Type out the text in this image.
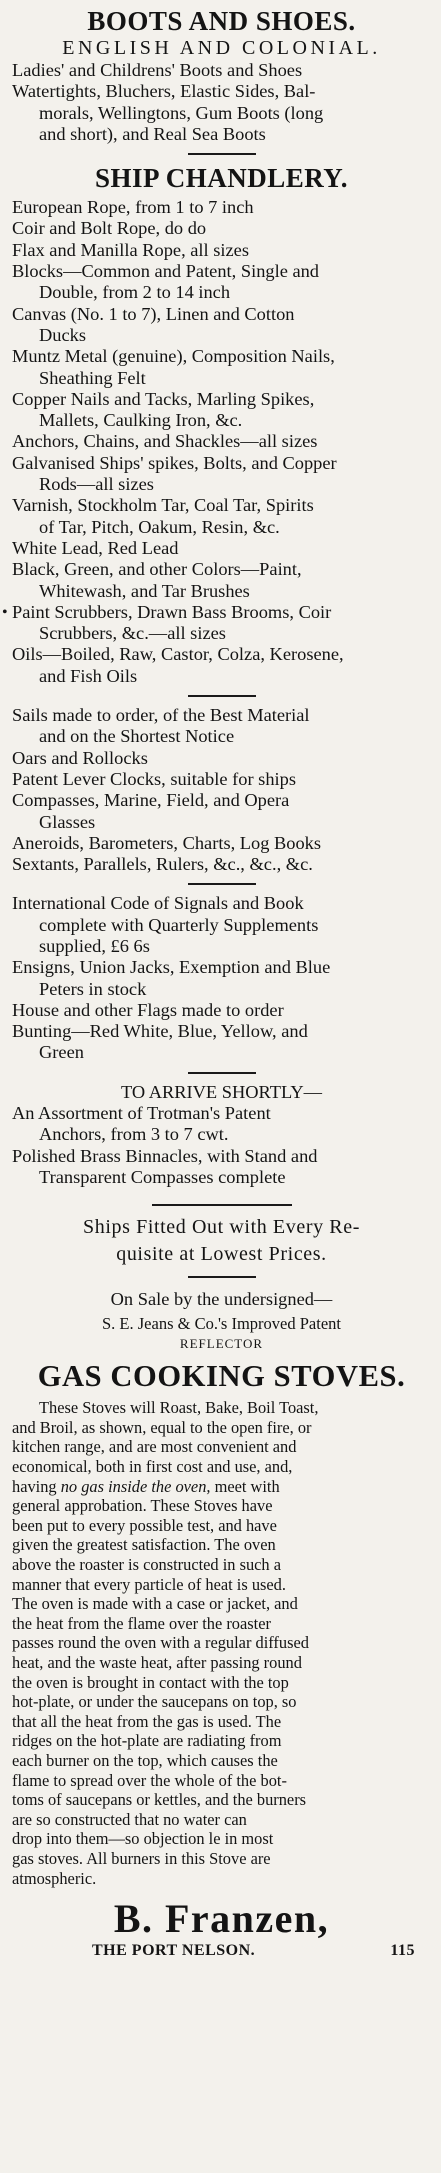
BOOTS AND SHOES.
ENGLISH AND COLONIAL.
Ladies' and Childrens' Boots and Shoes
Watertights, Bluchers, Elastic Sides, Bal-
morals, Wellingtons, Gum Boots (long
and short), and Real Sea Boots
SHIP CHANDLERY.
European Rope, from 1 to 7 inch
Coir and Bolt Rope, do do
Flax and Manilla Rope, all sizes
Blocks—Common and Patent, Single and
Double, from 2 to 14 inch
Canvas (No. 1 to 7), Linen and Cotton
Ducks
Muntz Metal (genuine), Composition Nails,
Sheathing Felt
Copper Nails and Tacks, Marling Spikes,
Mallets, Caulking Iron, &c.
Anchors, Chains, and Shackles—all sizes
Galvanised Ships' spikes, Bolts, and Copper
Rods—all sizes
Varnish, Stockholm Tar, Coal Tar, Spirits
of Tar, Pitch, Oakum, Resin, &c.
White Lead, Red Lead
Black, Green, and other Colors—Paint,
Whitewash, and Tar Brushes
• Paint Scrubbers, Drawn Bass Brooms, Coir
Scrubbers, &c.—all sizes
Oils—Boiled, Raw, Castor, Colza, Kerosene,
and Fish Oils
Sails made to order, of the Best Material
and on the Shortest Notice
Oars and Rollocks
Patent Lever Clocks, suitable for ships
Compasses, Marine, Field, and Opera
Glasses
Aneroids, Barometers, Charts, Log Books
Sextants, Parallels, Rulers, &c., &c., &c.
International Code of Signals and Book
complete with Quarterly Supplements
supplied, £6 6s
Ensigns, Union Jacks, Exemption and Blue
Peters in stock
House and other Flags made to order
Bunting—Red White, Blue, Yellow, and
Green
TO ARRIVE SHORTLY—
An Assortment of Trotman's Patent
Anchors, from 3 to 7 cwt.
Polished Brass Binnacles, with Stand and
Transparent Compasses complete
Ships Fitted Out with Every Re-
quisite at Lowest Prices.
On Sale by the undersigned—
S. E. Jeans & Co.'s Improved Patent
REFLECTOR
GAS COOKING STOVES.
These Stoves will Roast, Bake, Boil Toast,
and Broil, as shown, equal to the open fire, or
kitchen range, and are most convenient and
economical, both in first cost and use, and,
having no gas inside the oven, meet with
general approbation. These Stoves have
been put to every possible test, and have
given the greatest satisfaction. The oven
above the roaster is constructed in such a
manner that every particle of heat is used.
The oven is made with a case or jacket, and
the heat from the flame over the roaster
passes round the oven with a regular diffused
heat, and the waste heat, after passing round
the oven is brought in contact with the top
hot-plate, or under the saucepans on top, so
that all the heat from the gas is used. The
ridges on the hot-plate are radiating from
each burner on the top, which causes the
flame to spread over the whole of the bot-
toms of saucepans or kettles, and the burners
are so constructed that no water can
drop into them—so objection le in most
gas stoves. All burners in this Stove are
atmospheric.
B. Franzen,
THE PORT NELSON.	115
